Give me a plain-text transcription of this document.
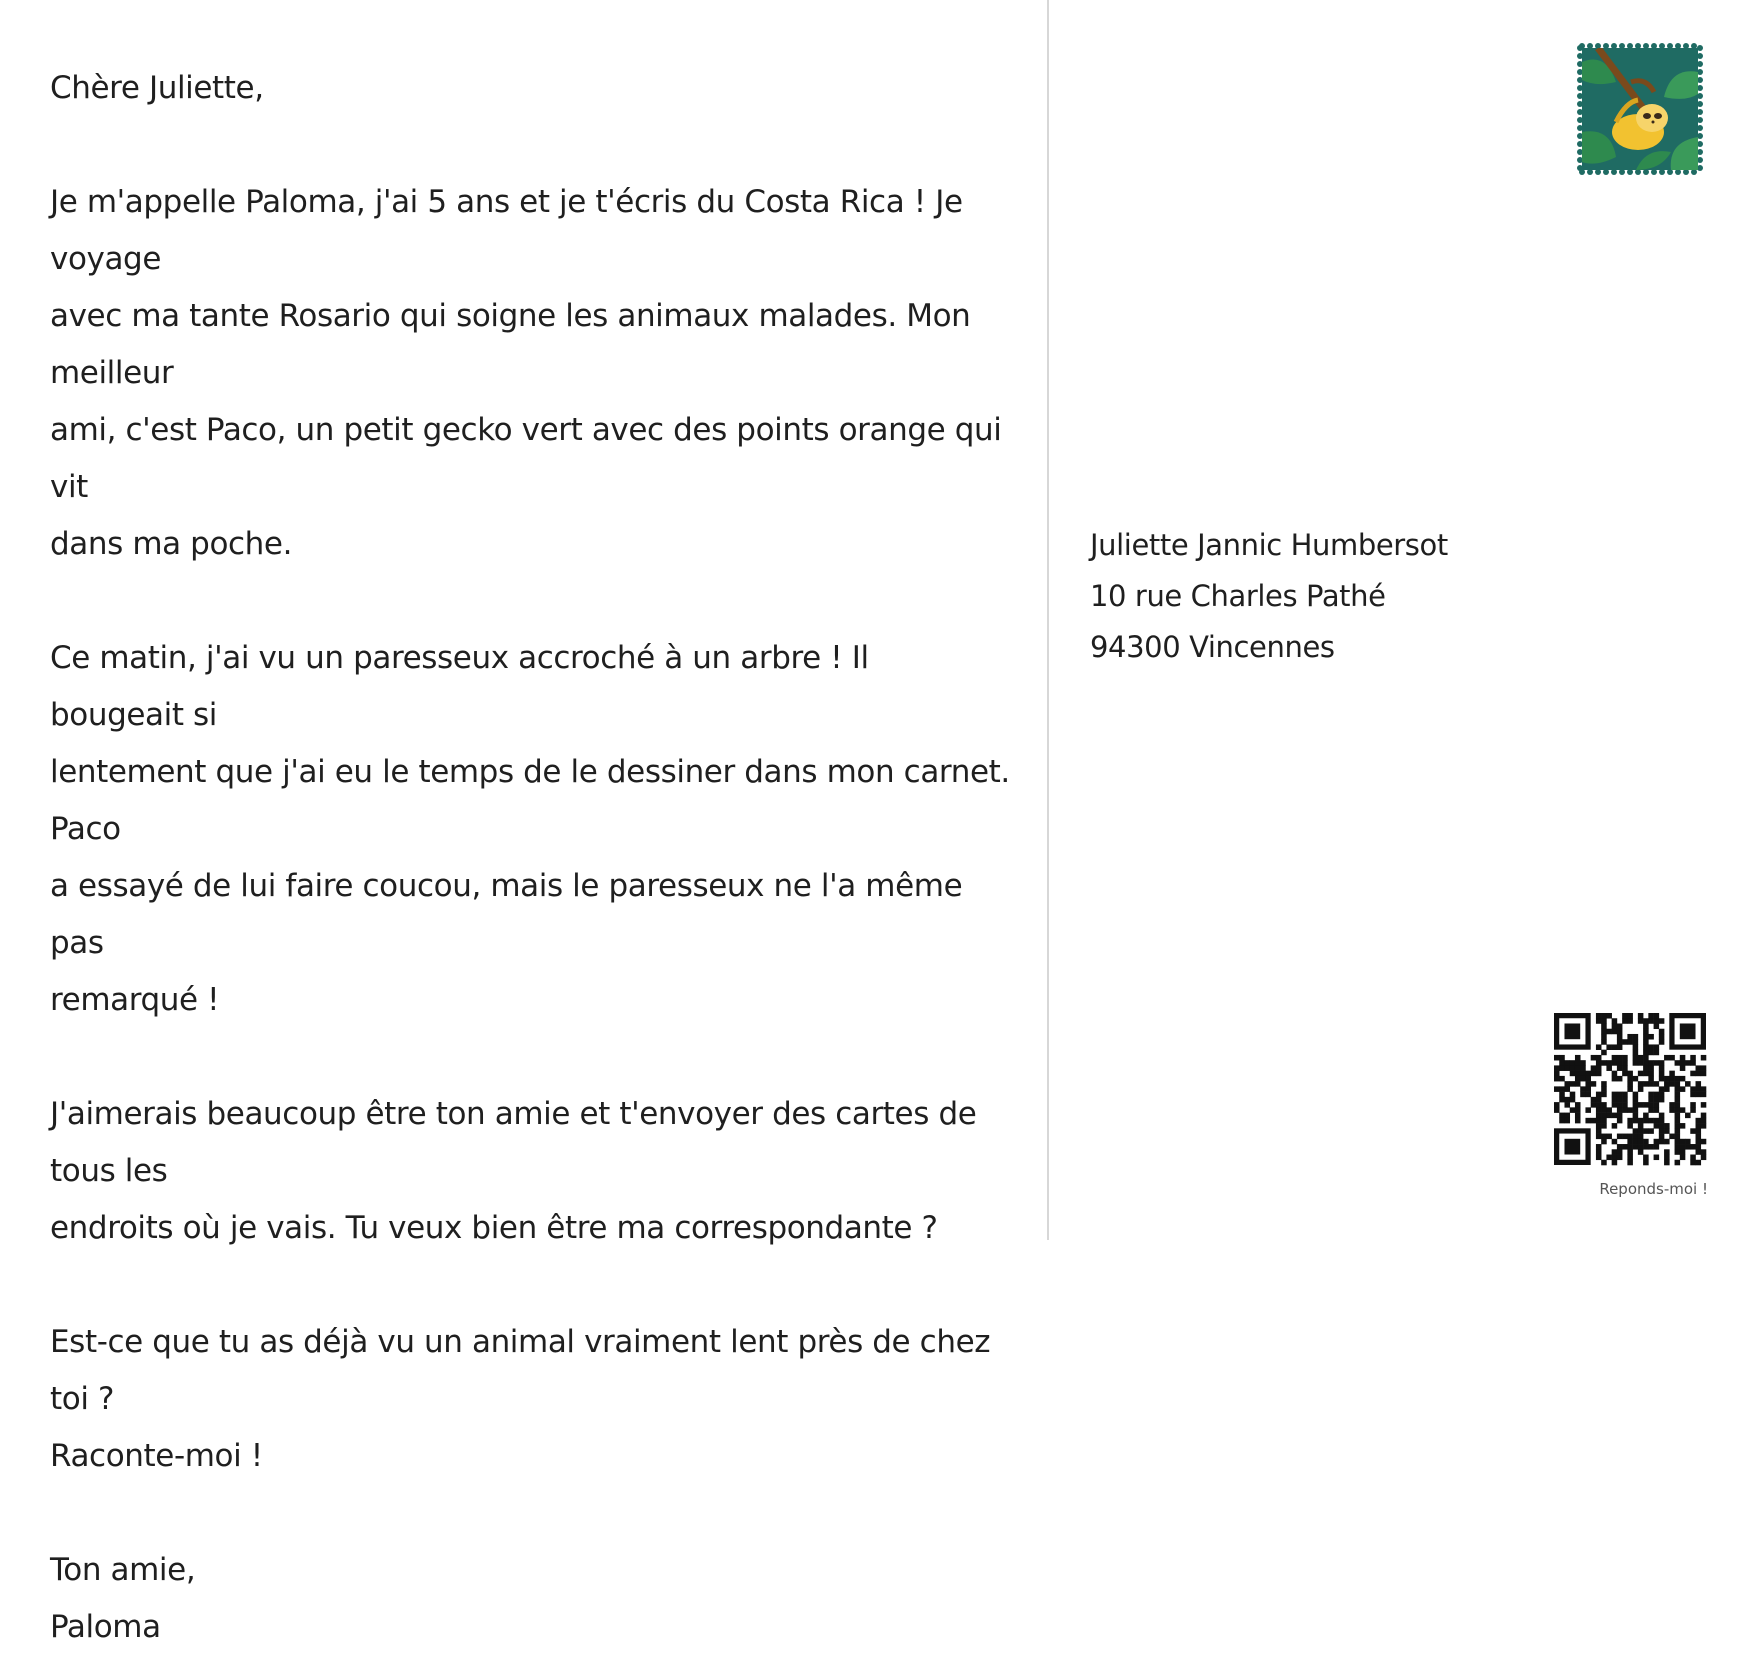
Chère Juliette,

Je m'appelle Paloma, j'ai 5 ans et je t'écris du Costa Rica ! Je voyage
avec ma tante Rosario qui soigne les animaux malades. Mon meilleur
ami, c'est Paco, un petit gecko vert avec des points orange qui vit
dans ma poche.

Ce matin, j'ai vu un paresseux accroché à un arbre ! Il bougeait si
lentement que j'ai eu le temps de le dessiner dans mon carnet. Paco
a essayé de lui faire coucou, mais le paresseux ne l'a même pas
remarqué !

J'aimerais beaucoup être ton amie et t'envoyer des cartes de tous les
endroits où je vais. Tu veux bien être ma correspondante ?

Est-ce que tu as déjà vu un animal vraiment lent près de chez toi ?
Raconte-moi !

Ton amie,

Paloma

Juliette Jannic Humbersot
10 rue Charles Pathé
94300 Vincennes
Reponds-moi !
